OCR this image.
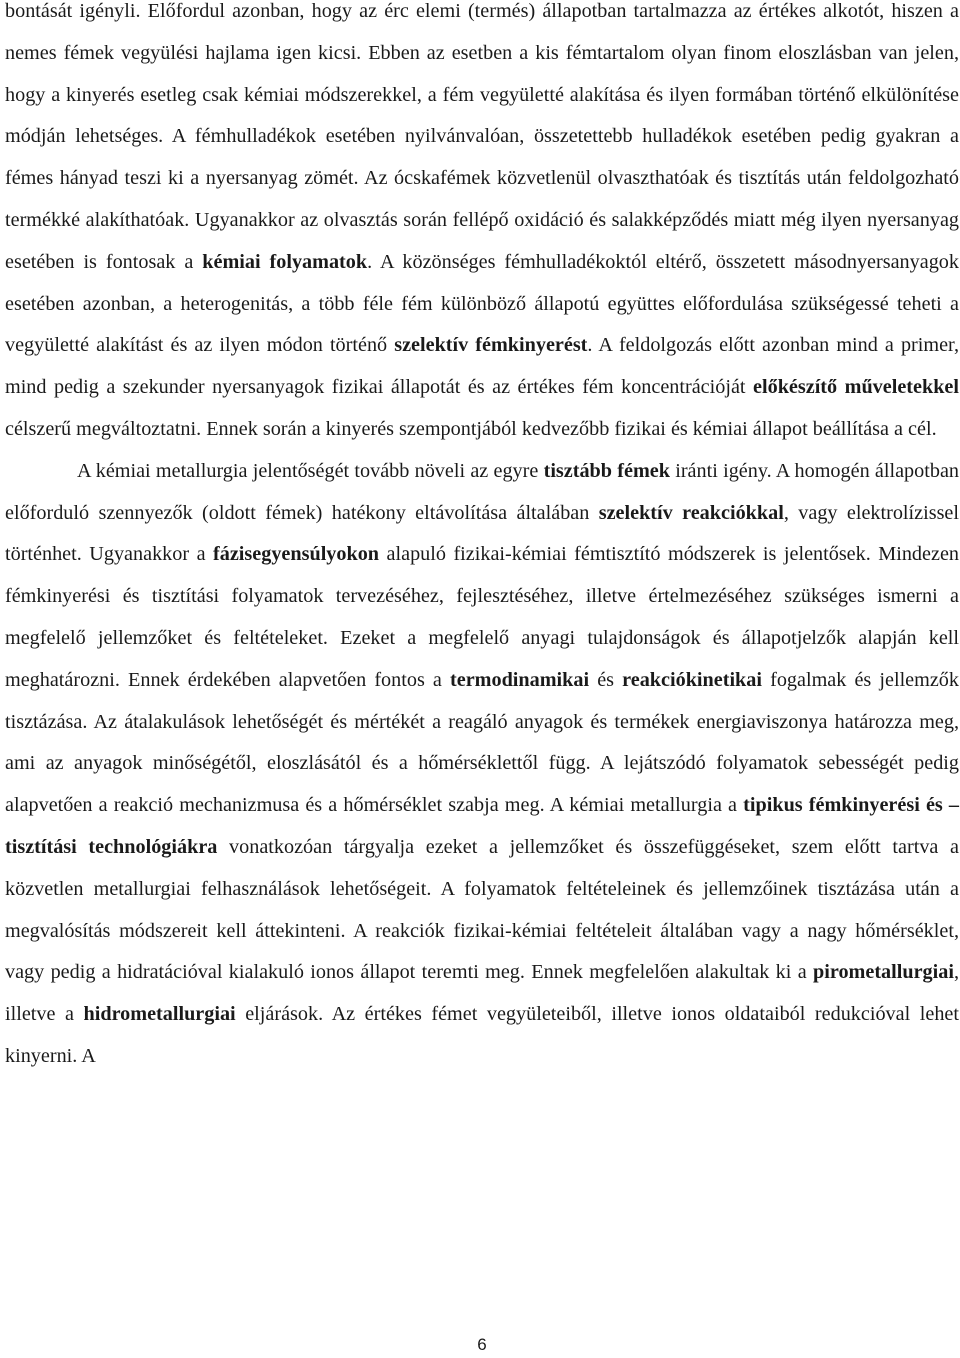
bontását igényli. Előfordul azonban, hogy az érc elemi (termés) állapotban tartalmazza az értékes alkotót, hiszen a nemes fémek vegyülési hajlama igen kicsi. Ebben az esetben a kis fémtartalom olyan finom eloszlásban van jelen, hogy a kinyerés esetleg csak kémiai módszerekkel, a fém vegyületté alakítása és ilyen formában történő elkülönítése módján lehetséges. A fémhulladékok esetében nyilvánvalóan, összetettebb hulladékok esetében pedig gyakran a fémes hányad teszi ki a nyersanyag zömét. Az ócskafémek közvetlenül olvaszthatóak és tisztítás után feldolgozható termékké alakíthatóak. Ugyanakkor az olvasztás során fellépő oxidáció és salakképződés miatt még ilyen nyersanyag esetében is fontosak a kémiai folyamatok. A közönséges fémhulladékoktól eltérő, összetett másodnyersanyagok esetében azonban, a heterogenitás, a több féle fém különböző állapotú együttes előfordulása szükségessé teheti a vegyületté alakítást és az ilyen módon történő szelektív fémkinyerést. A feldolgozás előtt azonban mind a primer, mind pedig a szekunder nyersanyagok fizikai állapotát és az értékes fém koncentrációját előkészítő műveletekkel célszerű megváltoztatni. Ennek során a kinyerés szempontjából kedvezőbb fizikai és kémiai állapot beállítása a cél.

A kémiai metallurgia jelentőségét tovább növeli az egyre tisztább fémek iránti igény. A homogén állapotban előforduló szennyezők (oldott fémek) hatékony eltávolítása általában szelektív reakciókkal, vagy elektrolízissel történhet. Ugyanakkor a fázisegyensúlyokon alapuló fizikai-kémiai fémtisztító módszerek is jelentősek. Mindezen fémkinyerési és tisztítási folyamatok tervezéséhez, fejlesztéséhez, illetve értelmezéséhez szükséges ismerni a megfelelő jellemzőket és feltételeket. Ezeket a megfelelő anyagi tulajdonságok és állapotjelzők alapján kell meghatározni. Ennek érdekében alapvetően fontos a termodinamikai és reakciókinetikai fogalmak és jellemzők tisztázása. Az átalakulások lehetőségét és mértékét a reagáló anyagok és termékek energiaviszonya határozza meg, ami az anyagok minőségétől, eloszlásától és a hőmérséklettől függ. A lejátszódó folyamatok sebességét pedig alapvetően a reakció mechanizmusa és a hőmérséklet szabja meg. A kémiai metallurgia a tipikus fémkinyerési és – tisztítási technológiákra vonatkozóan tárgyalja ezeket a jellemzőket és összefüggéseket, szem előtt tartva a közvetlen metallurgiai felhasználások lehetőségeit. A folyamatok feltételeinek és jellemzőinek tisztázása után a megvalósítás módszereit kell áttekinteni. A reakciók fizikai-kémiai feltételeit általában vagy a nagy hőmérséklet, vagy pedig a hidratációval kialakuló ionos állapot teremti meg. Ennek megfelelően alakultak ki a pirometallurgiai, illetve a hidrometallurgiai eljárások. Az értékes fémet vegyületeiből, illetve ionos oldataiból redukcióval lehet kinyerni. A

6
